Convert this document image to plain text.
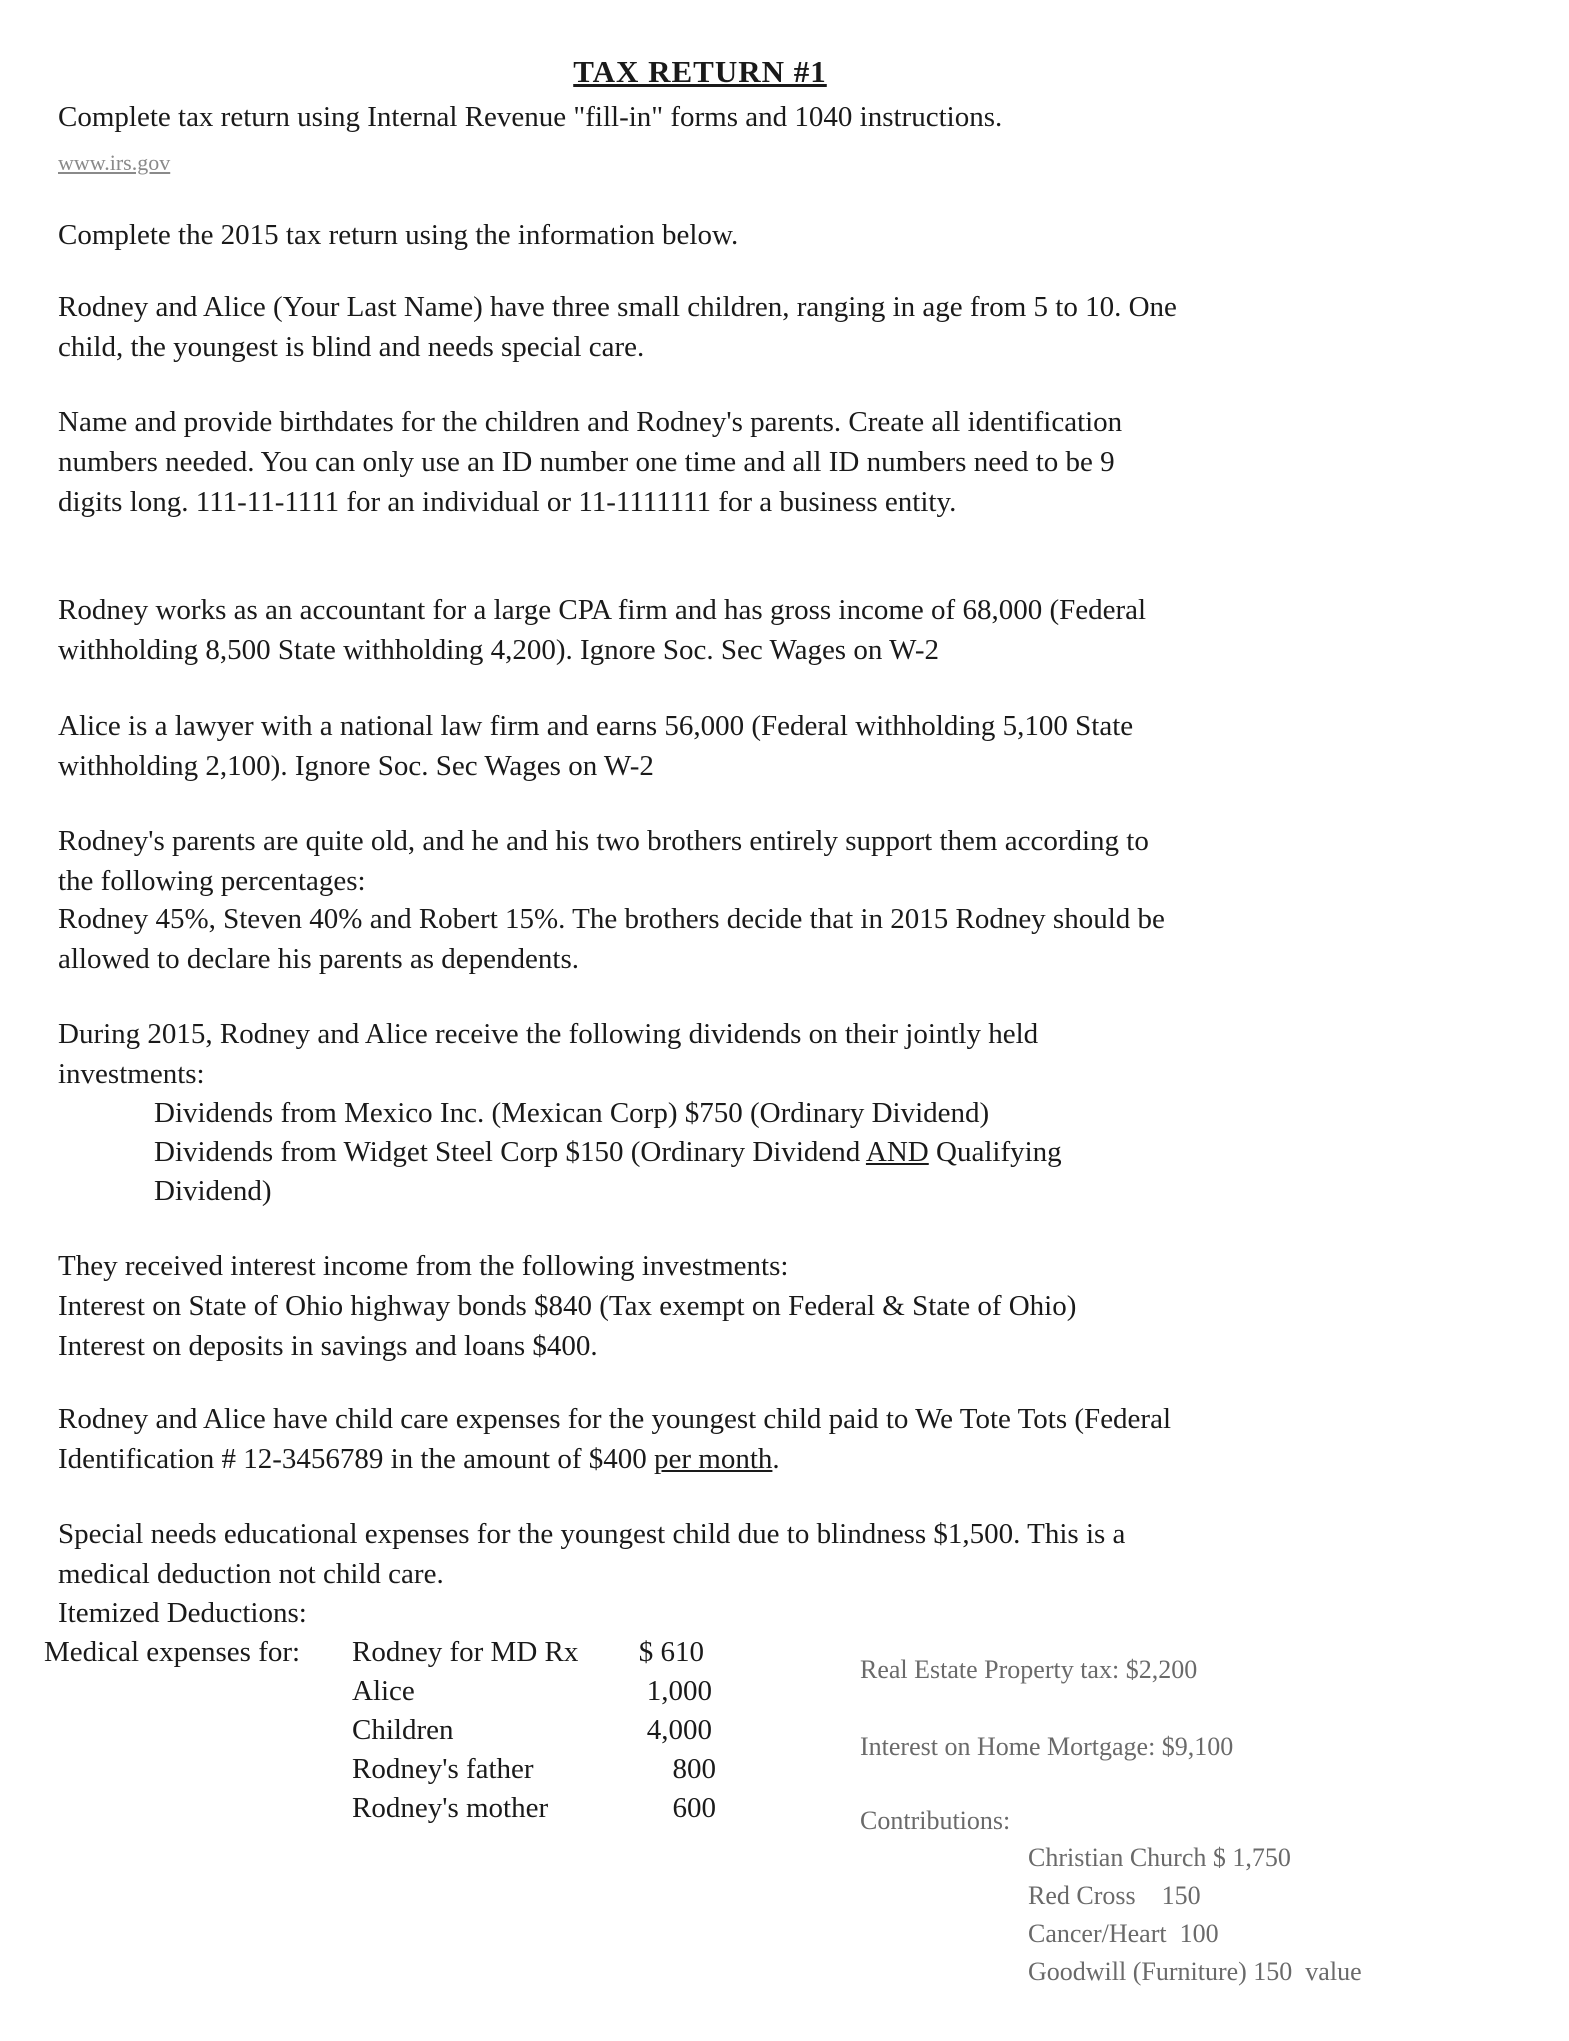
TAX RETURN #1
Complete tax return using Internal Revenue "fill-in" forms and 1040 instructions.
www.irs.gov
Complete the 2015 tax return using the information below.
Rodney and Alice (Your Last Name) have three small children, ranging in age from 5 to 10. One
child, the youngest is blind and needs special care.
Name and provide birthdates for the children and Rodney's parents. Create all identification
numbers needed. You can only use an ID number one time and all ID numbers need to be 9
digits long. 111-11-1111 for an individual or 11-1111111 for a business entity.
Rodney works as an accountant for a large CPA firm and has gross income of 68,000 (Federal
withholding 8,500 State withholding 4,200). Ignore Soc. Sec Wages on W-2
Alice is a lawyer with a national law firm and earns 56,000 (Federal withholding 5,100 State
withholding 2,100). Ignore Soc. Sec Wages on W-2
Rodney's parents are quite old, and he and his two brothers entirely support them according to
the following percentages:
Rodney 45%, Steven 40% and Robert 15%. The brothers decide that in 2015 Rodney should be
allowed to declare his parents as dependents.
During 2015, Rodney and Alice receive the following dividends on their jointly held
investments:
Dividends from Mexico Inc. (Mexican Corp) $750 (Ordinary Dividend)
Dividends from Widget Steel Corp $150 (Ordinary Dividend AND Qualifying
Dividend)
They received interest income from the following investments:
Interest on State of Ohio highway bonds $840 (Tax exempt on Federal & State of Ohio)
Interest on deposits in savings and loans $400.
Rodney and Alice have child care expenses for the youngest child paid to We Tote Tots (Federal
Identification # 12-3456789 in the amount of $400 per month.
Special needs educational expenses for the youngest child due to blindness $1,500. This is a
medical deduction not child care.
Itemized Deductions:
Medical expenses for: Rodney for MD Rx	$ 610
Alice	1,000
Children	4,000
Rodney's father	800
Rodney's mother	600
Real Estate Property tax: $2,200
Interest on Home Mortgage: $9,100
Contributions:
Christian Church $ 1,750
Red Cross    150
Cancer/Heart  100
Goodwill (Furniture) 150  value
